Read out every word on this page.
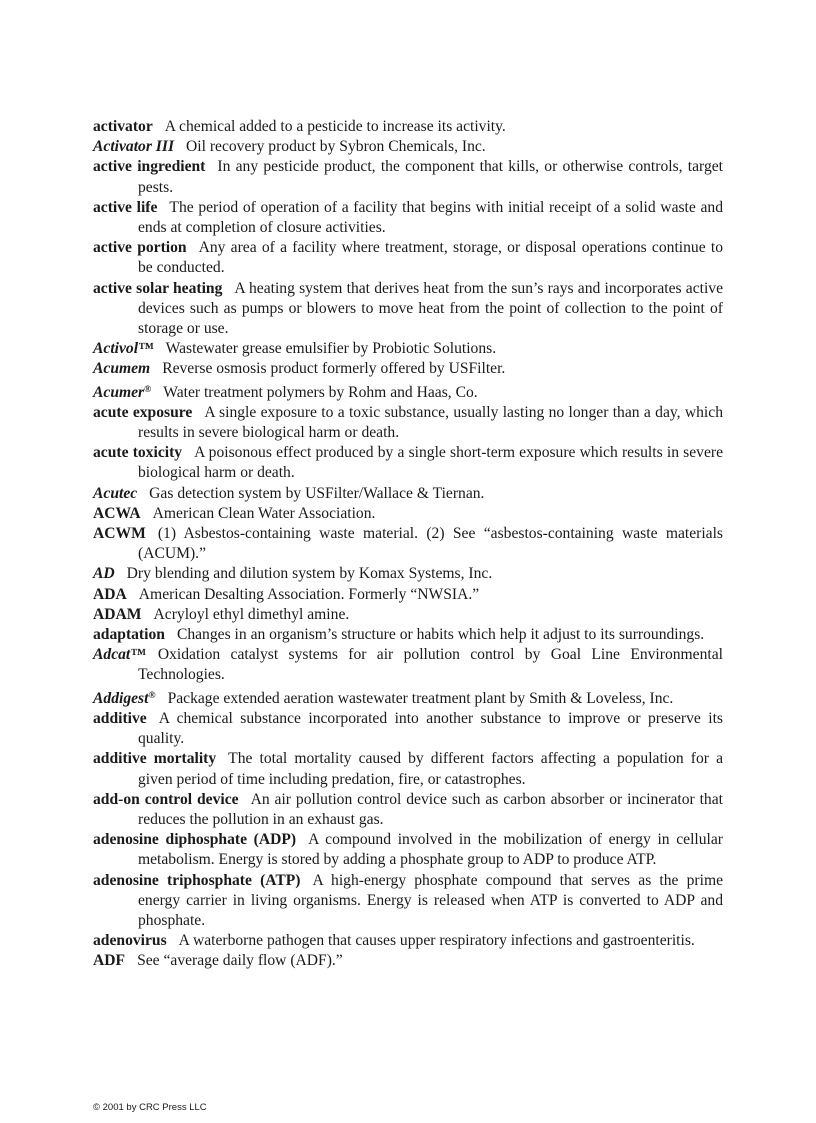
activator A chemical added to a pesticide to increase its activity.

Activator III Oil recovery product by Sybron Chemicals, Inc.

active ingredient In any pesticide product, the component that kills, or otherwise controls, target pests.

active life The period of operation of a facility that begins with initial receipt of a solid waste and ends at completion of closure activities.

active portion Any area of a facility where treatment, storage, or disposal operations continue to be conducted.

active solar heating A heating system that derives heat from the sun’s rays and incorporates active devices such as pumps or blowers to move heat from the point of collection to the point of storage or use.

Activol™ Wastewater grease emulsifier by Probiotic Solutions.

Acumem Reverse osmosis product formerly offered by USFilter.

Acumer® Water treatment polymers by Rohm and Haas, Co.

acute exposure A single exposure to a toxic substance, usually lasting no longer than a day, which results in severe biological harm or death.

acute toxicity A poisonous effect produced by a single short-term exposure which results in severe biological harm or death.

Acutec Gas detection system by USFilter/Wallace & Tiernan.

ACWA American Clean Water Association.

ACWM (1) Asbestos-containing waste material. (2) See “asbestos-containing waste materials (ACUM).”

AD Dry blending and dilution system by Komax Systems, Inc.

ADA American Desalting Association. Formerly “NWSIA.”

ADAM Acryloyl ethyl dimethyl amine.

adaptation Changes in an organism’s structure or habits which help it adjust to its surroundings.

Adcat™ Oxidation catalyst systems for air pollution control by Goal Line Environmental Technologies.

Addigest® Package extended aeration wastewater treatment plant by Smith & Loveless, Inc.

additive A chemical substance incorporated into another substance to improve or preserve its quality.

additive mortality The total mortality caused by different factors affecting a population for a given period of time including predation, fire, or catastrophes.

add-on control device An air pollution control device such as carbon absorber or incinerator that reduces the pollution in an exhaust gas.

adenosine diphosphate (ADP) A compound involved in the mobilization of energy in cellular metabolism. Energy is stored by adding a phosphate group to ADP to produce ATP.

adenosine triphosphate (ATP) A high-energy phosphate compound that serves as the prime energy carrier in living organisms. Energy is released when ATP is converted to ADP and phosphate.

adenovirus A waterborne pathogen that causes upper respiratory infections and gastroenteritis.

ADF See “average daily flow (ADF).”

© 2001 by CRC Press LLC
